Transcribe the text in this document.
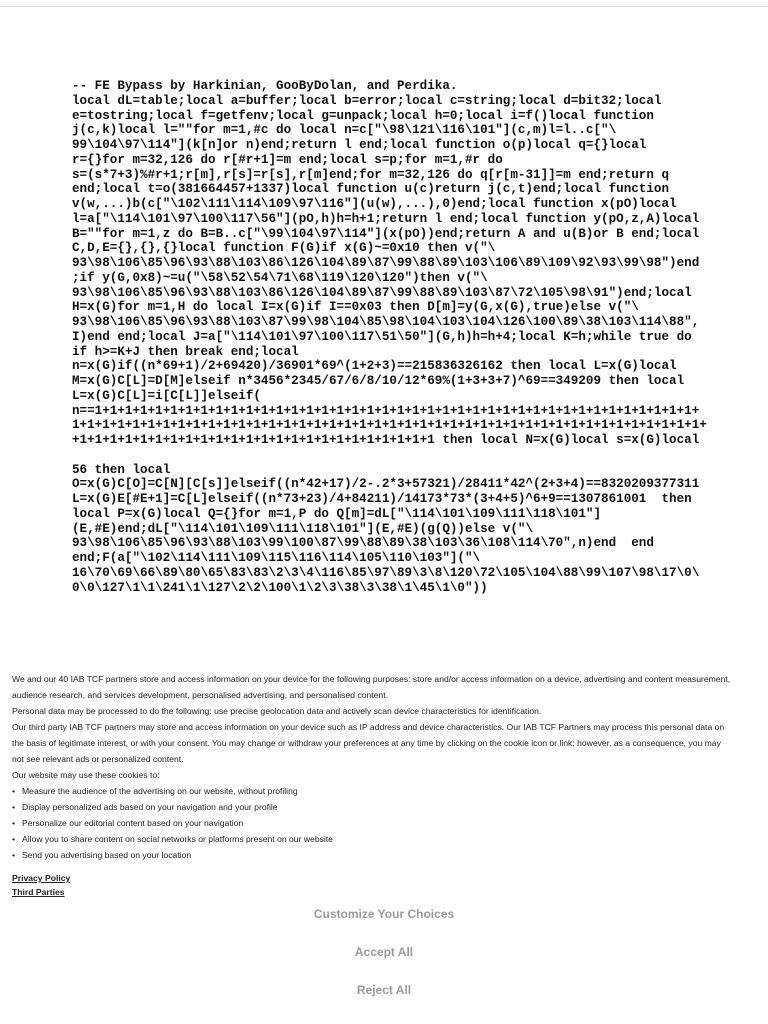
-- FE Bypass by Harkinian, GooByDolan, and Perdika.
local dL=table;local a=buffer;local b=error;local c=string;local d=bit32;local
e=tostring;local f=getfenv;local g=unpack;local h=0;local i=f()local function
j(c,k)local l=""for m=1,#c do local n=c["\98\121\116\101"](c,m)l=l..c["\
99\104\97\114"](k[n]or n)end;return l end;local function o(p)local q={}local
r={}for m=32,126 do r[#r+1]=m end;local s=p;for m=1,#r do
s=(s*7+3)%#r+1;r[m],r[s]=r[s],r[m]end;for m=32,126 do q[r[m-31]]=m end;return q
end;local t=o(381664457+1337)local function u(c)return j(c,t)end;local function
v(w,...)b(c["\102\111\114\109\97\116"](u(w),...),0)end;local function x(pO)local
l=a["\114\101\97\100\117\56"](pO,h)h=h+1;return l end;local function y(pO,z,A)local
B=""for m=1,z do B=B..c["\99\104\97\114"](x(pO))end;return A and u(B)or B end;local
C,D,E={},{},{}local function F(G)if x(G)~=0x10 then v("\
93\98\106\85\96\93\88\103\86\126\104\89\87\99\88\89\103\106\89\109\92\93\99\98")end
;if y(G,0x8)~=u("\58\52\54\71\68\119\120\120")then v("\
93\98\106\85\96\93\88\103\86\126\104\89\87\99\88\89\103\87\72\105\98\91")end;local
H=x(G)for m=1,H do local I=x(G)if I==0x03 then D[m]=y(G,x(G),true)else v("\
93\98\106\85\96\93\88\103\87\99\98\104\85\98\104\103\104\126\100\89\38\103\114\88",
I)end end;local J=a["\114\101\97\100\117\51\50"](G,h)h=h+4;local K=h;while true do
if h>=K+J then break end;local
n=x(G)if((n*69+1)/2+69420)/36901*69^(1+2+3)==215836326162 then local L=x(G)local
M=x(G)C[L]=D[M]elseif n*3456*2345/67/6/8/10/12*69%(1+3+3+7)^69==349209 then local
L=x(G)C[L]=i[C[L]]elseif(
n==1+1+1+1+1+1+1+1+1+1+1+1+1+1+1+1+1+1+1+1+1+1+1+1+1+1+1+1+1+1+1+1+1+1+1+1+1+1+1+1+
1+1+1+1+1+1+1+1+1+1+1+1+1+1+1+1+1+1+1+1+1+1+1+1+1+1+1+1+1+1+1+1+1+1+1+1+1+1+1+1+1+1+
+1+1+1+1+1+1+1+1+1+1+1+1+1+1+1+1+1+1+1+1+1+1+1+1 then local N=x(G)local s=x(G)local

56 then local
O=x(G)C[O]=C[N][C[s]]elseif((n*42+17)/2-.2*3+57321)/28411*42^(2+3+4)==8320209377311
L=x(G)E[#E+1]=C[L]elseif((n*73+23)/4+84211)/14173*73*(3+4+5)^6+9==1307861001  then
local P=x(G)local Q={}for m=1,P do Q[m]=dL["\114\101\109\111\118\101"]
(E,#E)end;dL["\114\101\109\111\118\101"](E,#E)(g(Q))else v("\
93\98\106\85\96\93\88\103\99\100\87\99\88\89\38\103\36\108\114\70",n)end  end
end;F(a["\102\114\111\109\115\116\114\105\110\103"]("\
16\70\69\66\89\80\65\83\83\2\3\4\116\85\97\89\3\8\120\72\105\104\88\99\107\98\17\0\
0\0\127\1\1\241\1\127\2\2\100\1\2\3\38\3\38\1\45\1\0"))

We and our 40 IAB TCF partners store and access information on your device for the following purposes: store and/or access information on a device, advertising and content measurement, audience research, and services development, personalised advertising, and personalised content.

Personal data may be processed to do the following: use precise geolocation data and actively scan device characteristics for identification.

Our third party IAB TCF partners may store and access information on your device such as IP address and device characteristics. Our IAB TCF Partners may process this personal data on the basis of legitimate interest, or with your consent. You may change or withdraw your preferences at any time by clicking on the cookie icon or link; however, as a consequence, you may not see relevant ads or personalized content.

Our website may use these cookies to:

• Measure the audience of the advertising on our website, without profiling
• Display personalized ads based on your navigation and your profile
• Personalize our editorial content based on your navigation
• Allow you to share content on social networks or platforms present on our website
• Send you advertising based on your location
Privacy Policy
Third Parties
Customize Your Choices
Accept All
Reject All
